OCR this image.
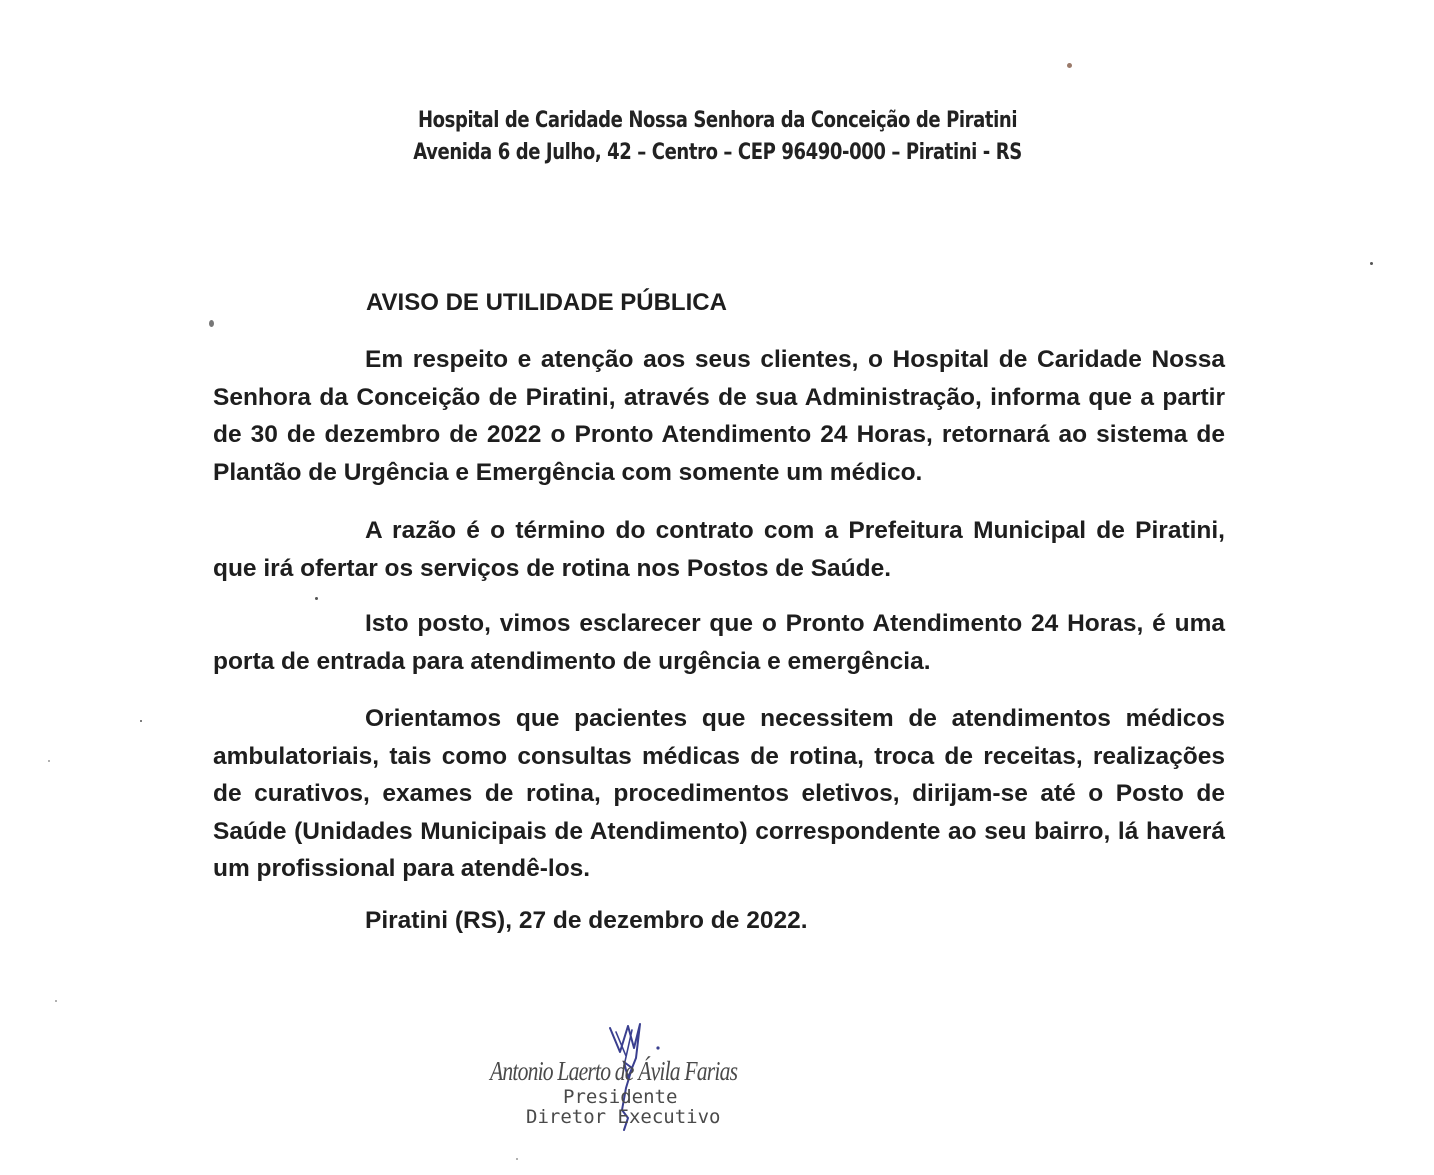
Hospital de Caridade Nossa Senhora da Conceição de Piratini
Avenida 6 de Julho, 42 – Centro – CEP 96490-000 – Piratini - RS
AVISO DE UTILIDADE PÚBLICA
Em respeito e atenção aos seus clientes, o Hospital de Caridade Nossa Senhora da Conceição de Piratini, através de sua Administração, informa que a partir de 30 de dezembro de 2022 o Pronto Atendimento 24 Horas, retornará ao sistema de Plantão de Urgência e Emergência com somente um médico.
A razão é o término do contrato com a Prefeitura Municipal de Piratini, que irá ofertar os serviços de rotina nos Postos de Saúde.
Isto posto, vimos esclarecer que o Pronto Atendimento 24 Horas, é uma porta de entrada para atendimento de urgência e emergência.
Orientamos que pacientes que necessitem de atendimentos médicos ambulatoriais, tais como consultas médicas de rotina, troca de receitas, realizações de curativos, exames de rotina, procedimentos eletivos, dirijam-se até o Posto de Saúde (Unidades Municipais de Atendimento) correspondente ao seu bairro, lá haverá um profissional para atendê-los.
Piratini (RS), 27 de dezembro de 2022.
Antonio Laerto de Ávila Farias
Presidente
Diretor Executivo
